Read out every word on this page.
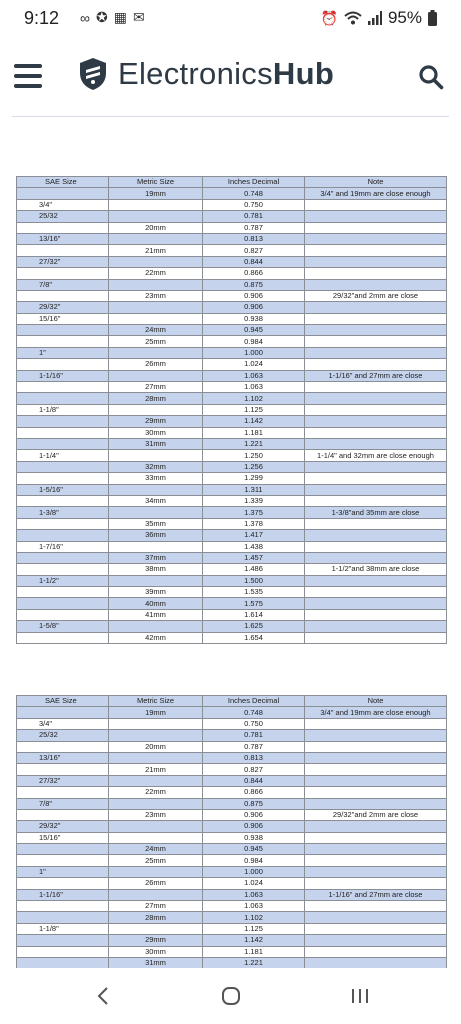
9:12 ∞ ✪ ▦ ✉	⏰	95%
ElectronicsHub
SAE Size	Metric Size	Inches Decimal	Note
	19mm	0.748	3/4" and 19mm are close enough
3/4"		0.750	
25/32		0.781	
	20mm	0.787	
13/16"		0.813	
	21mm	0.827	
27/32"		0.844	
	22mm	0.866	
7/8"		0.875	
	23mm	0.906	29/32"and 2mm are close
29/32"		0.906	
15/16"		0.938	
	24mm	0.945	
	25mm	0.984	
1"		1.000	
	26mm	1.024	
1-1/16"		1.063	1-1/16" and 27mm are close
	27mm	1.063	
	28mm	1.102	
1-1/8"		1.125	
	29mm	1.142	
	30mm	1.181	
	31mm	1.221	
1-1/4"		1.250	1-1/4" and 32mm are close enough
	32mm	1.256	
	33mm	1.299	
1-5/16"		1.311	
	34mm	1.339	
1-3/8"		1.375	1-3/8"and 35mm are close
	35mm	1.378	
	36mm	1.417	
1-7/16"		1.438	
	37mm	1.457	
	38mm	1.486	1-1/2"and 38mm are close
1-1/2"		1.500	
	39mm	1.535	
	40mm	1.575	
	41mm	1.614	
1-5/8"		1.625	
	42mm	1.654	
SAE Size	Metric Size	Inches Decimal	Note
	19mm	0.748	3/4" and 19mm are close enough
3/4"		0.750	
25/32		0.781	
	20mm	0.787	
13/16"		0.813	
	21mm	0.827	
27/32"		0.844	
	22mm	0.866	
7/8"		0.875	
	23mm	0.906	29/32"and 2mm are close
29/32"		0.906	
15/16"		0.938	
	24mm	0.945	
	25mm	0.984	
1"		1.000	
	26mm	1.024	
1-1/16"		1.063	1-1/16" and 27mm are close
	27mm	1.063	
	28mm	1.102	
1-1/8"		1.125	
	29mm	1.142	
	30mm	1.181	
	31mm	1.221	
